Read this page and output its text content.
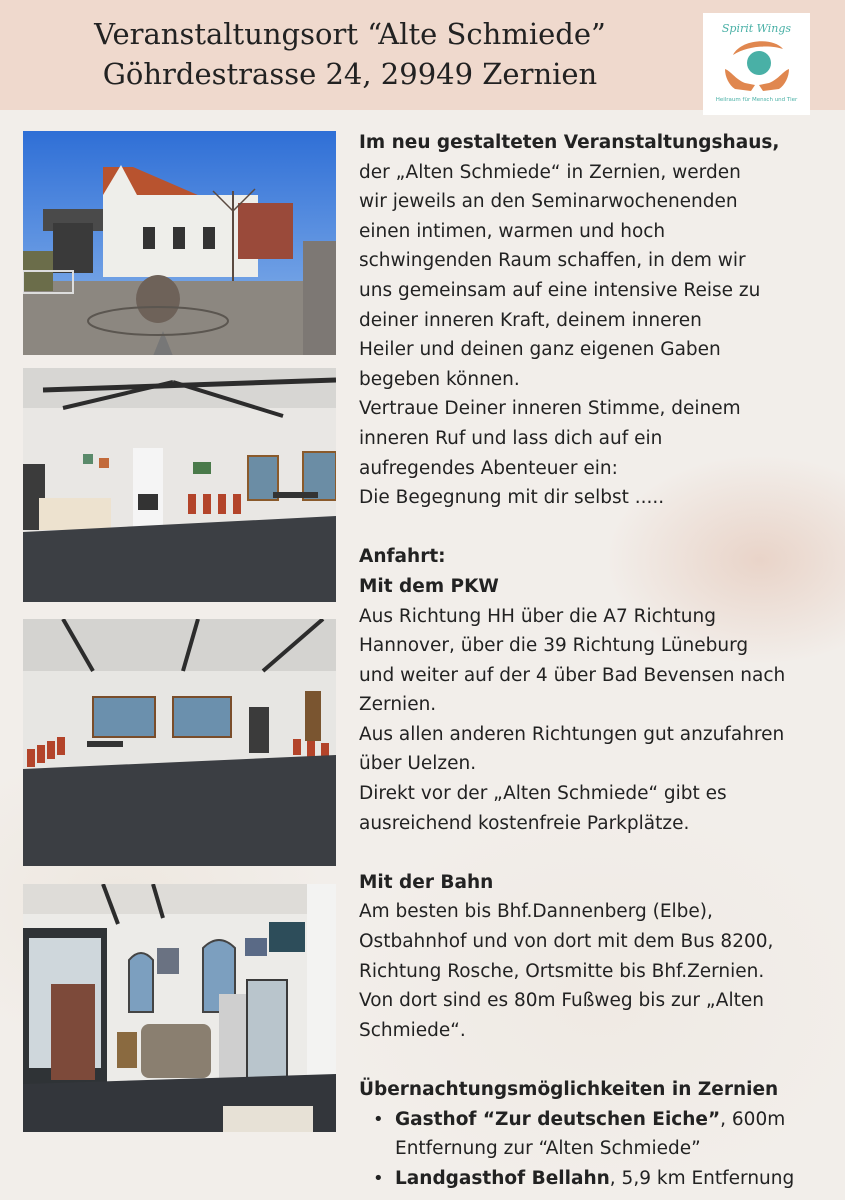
Veranstaltungsort “Alte Schmiede”
Göhrdestrasse 24, 29949 Zernien
Spirit Wings
Heilraum für Mensch und Tier

Im neu gestalteten Veranstaltungshaus,

der „Alten Schmiede“ in Zernien, werden

wir jeweils an den Seminarwochenenden

einen intimen, warmen und hoch

schwingenden Raum schaffen, in dem wir

uns gemeinsam auf eine intensive Reise zu

deiner inneren Kraft, deinem inneren

Heiler und deinen ganz eigenen Gaben

begeben können.

Vertraue Deiner inneren Stimme, deinem

inneren Ruf und lass dich auf ein

aufregendes Abenteuer ein:

Die Begegnung mit dir selbst .....

Anfahrt:

Mit dem PKW

Aus Richtung HH über die A7 Richtung

Hannover, über die 39 Richtung Lüneburg

und weiter auf der 4 über Bad Bevensen nach

Zernien.

Aus allen anderen Richtungen gut anzufahren

über Uelzen.

Direkt vor der „Alten Schmiede“ gibt es

ausreichend kostenfreie Parkplätze.

Mit der Bahn

Am besten bis Bhf.Dannenberg (Elbe),

Ostbahnhof und von dort mit dem Bus 8200,

Richtung Rosche, Ortsmitte bis Bhf.Zernien.

Von dort sind es 80m Fußweg bis zur „Alten

Schmiede“.

Übernachtungsmöglichkeiten in Zernien

• Gasthof “Zur deutschen Eiche”, 600m

Entfernung zur “Alten Schmiede”

• Landgasthof Bellahn, 5,9 km Entfernung
